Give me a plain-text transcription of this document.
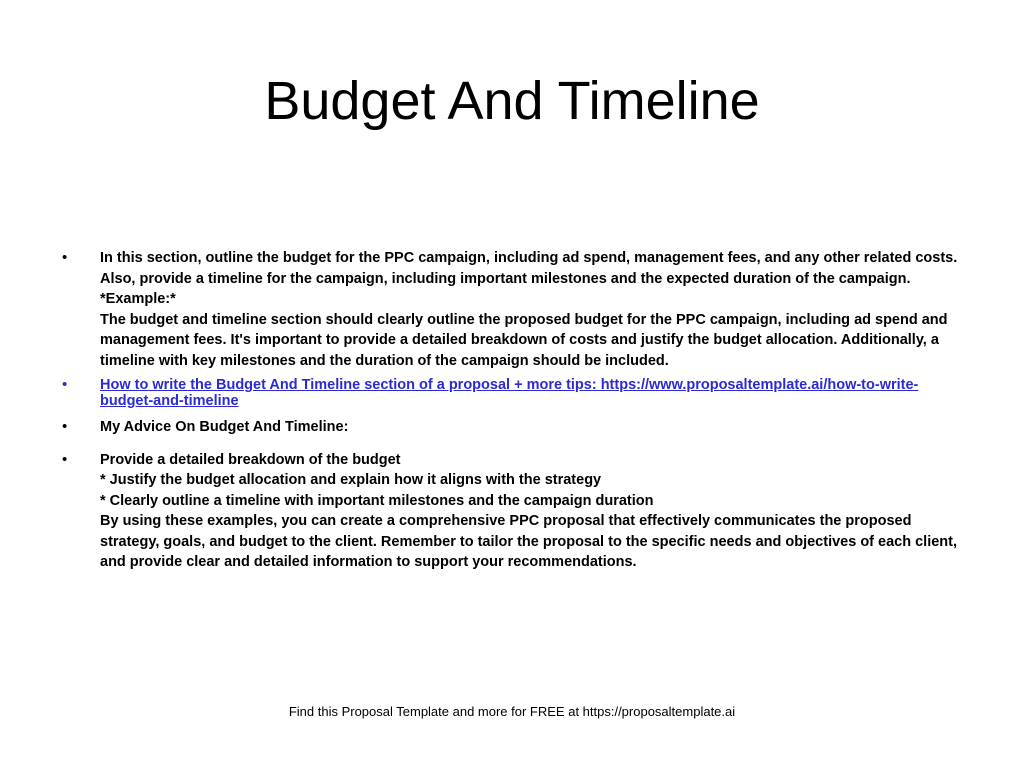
Budget And Timeline
• In this section, outline the budget for the PPC campaign, including ad spend, management fees, and any other related costs. Also, provide a timeline for the campaign, including important milestones and the expected duration of the campaign.
*Example:*
The budget and timeline section should clearly outline the proposed budget for the PPC campaign, including ad spend and management fees. It's important to provide a detailed breakdown of costs and justify the budget allocation. Additionally, a timeline with key milestones and the duration of the campaign should be included.
• How to write the Budget And Timeline section of a proposal + more tips: https://www.proposaltemplate.ai/how-to-write-budget-and-timeline
• My Advice On Budget And Timeline:
• Provide a detailed breakdown of the budget
* Justify the budget allocation and explain how it aligns with the strategy
* Clearly outline a timeline with important milestones and the campaign duration
By using these examples, you can create a comprehensive PPC proposal that effectively communicates the proposed strategy, goals, and budget to the client. Remember to tailor the proposal to the specific needs and objectives of each client, and provide clear and detailed information to support your recommendations.
Find this Proposal Template and more for FREE at https://proposaltemplate.ai
